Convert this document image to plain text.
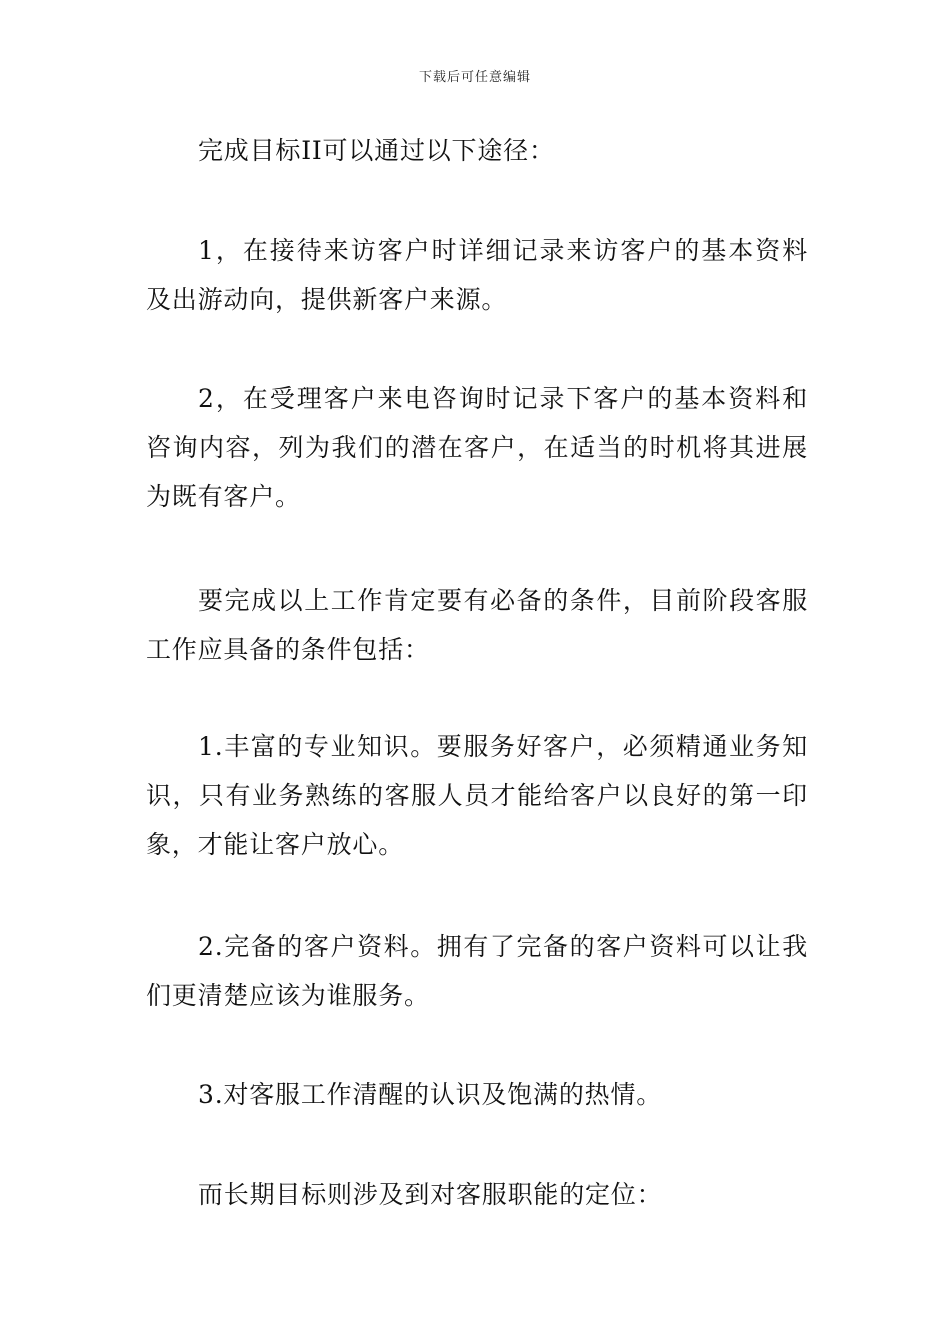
下载后可任意编辑

完成目标II可以通过以下途径：

1，在接待来访客户时详细记录来访客户的基本资料及出游动向，提供新客户来源。

2，在受理客户来电咨询时记录下客户的基本资料和咨询内容，列为我们的潜在客户，在适当的时机将其进展为既有客户。

要完成以上工作肯定要有必备的条件，目前阶段客服工作应具备的条件包括：

1.丰富的专业知识。要服务好客户，必须精通业务知识，只有业务熟练的客服人员才能给客户以良好的第一印象，才能让客户放心。

2.完备的客户资料。拥有了完备的客户资料可以让我们更清楚应该为谁服务。

3.对客服工作清醒的认识及饱满的热情。

而长期目标则涉及到对客服职能的定位：
